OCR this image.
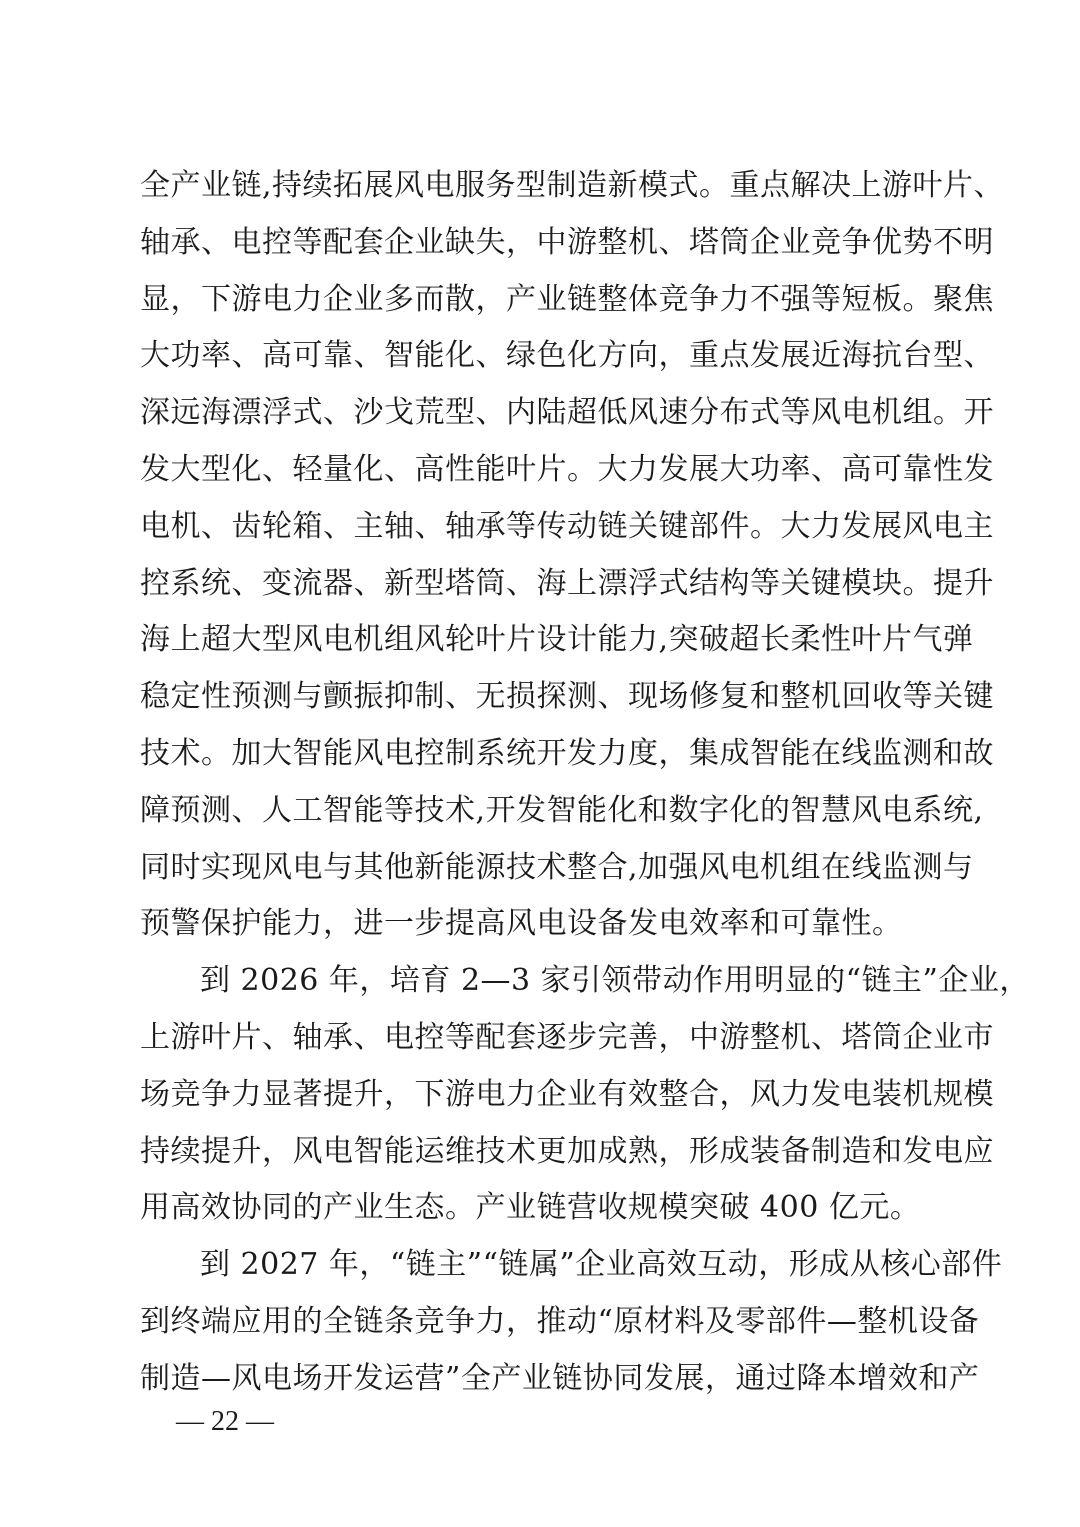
全产业链,持续拓展风电服务型制造新模式。重点解决上游叶片、
轴承、电控等配套企业缺失，中游整机、塔筒企业竞争优势不明
显，下游电力企业多而散，产业链整体竞争力不强等短板。聚焦
大功率、高可靠、智能化、绿色化方向，重点发展近海抗台型、
深远海漂浮式、沙戈荒型、内陆超低风速分布式等风电机组。开
发大型化、轻量化、高性能叶片。大力发展大功率、高可靠性发
电机、齿轮箱、主轴、轴承等传动链关键部件。大力发展风电主
控系统、变流器、新型塔筒、海上漂浮式结构等关键模块。提升
海上超大型风电机组风轮叶片设计能力,突破超长柔性叶片气弹
稳定性预测与颤振抑制、无损探测、现场修复和整机回收等关键
技术。加大智能风电控制系统开发力度，集成智能在线监测和故
障预测、人工智能等技术,开发智能化和数字化的智慧风电系统,
同时实现风电与其他新能源技术整合,加强风电机组在线监测与
预警保护能力，进一步提高风电设备发电效率和可靠性。
到 2026 年，培育 2—3 家引领带动作用明显的“链主”企业，
上游叶片、轴承、电控等配套逐步完善，中游整机、塔筒企业市
场竞争力显著提升，下游电力企业有效整合，风力发电装机规模
持续提升，风电智能运维技术更加成熟，形成装备制造和发电应
用高效协同的产业生态。产业链营收规模突破 400 亿元。
到 2027 年，“链主”“链属”企业高效互动，形成从核心部件
到终端应用的全链条竞争力，推动“原材料及零部件—整机设备
制造—风电场开发运营”全产业链协同发展，通过降本增效和产
— 22 —
